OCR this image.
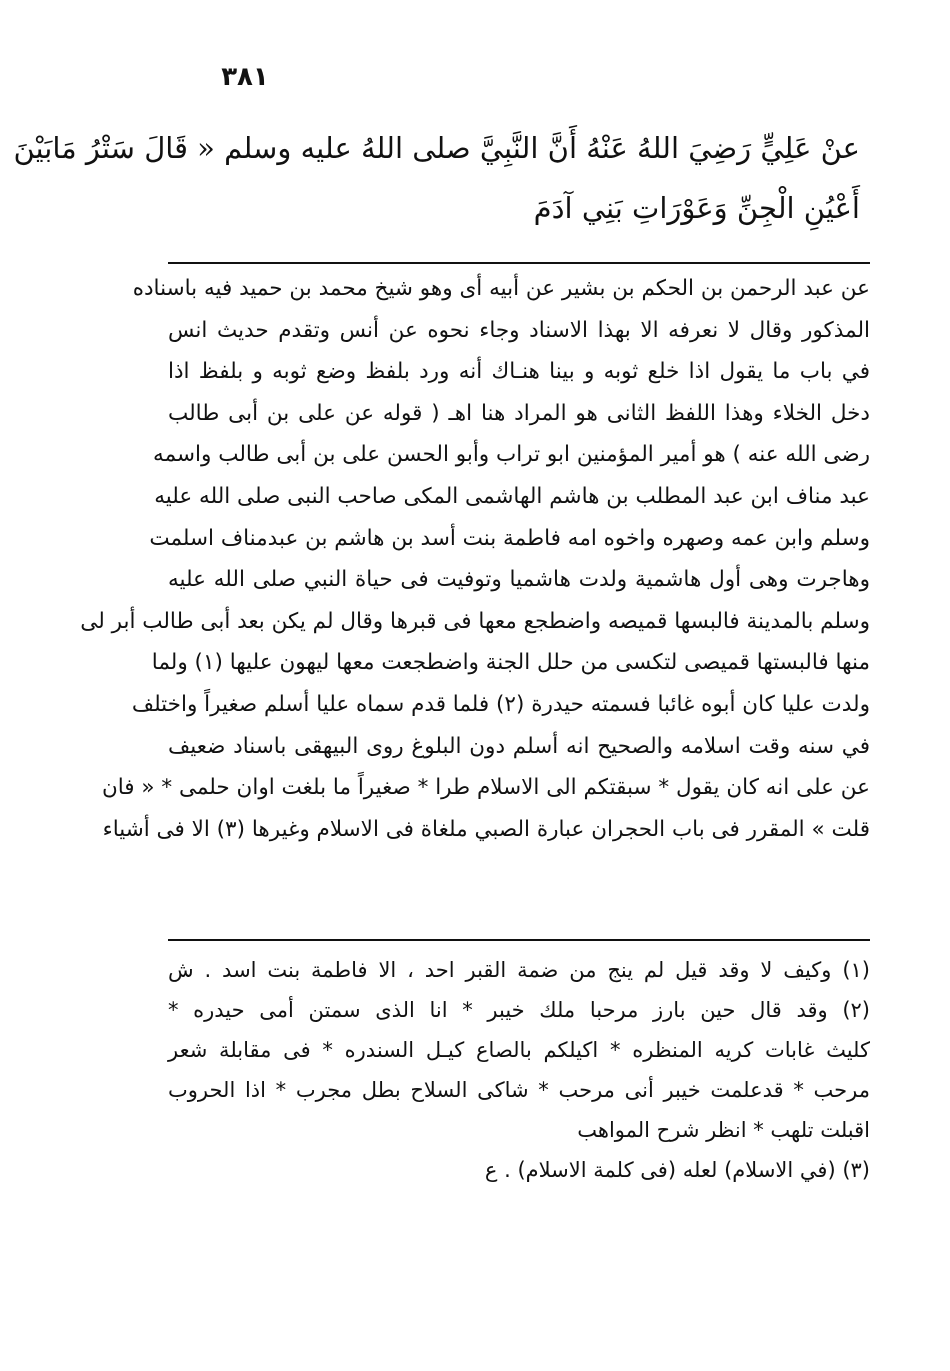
٣٨١
عنْ عَلِيٍّ رَضِيَ اللهُ عَنْهُ أَنَّ النَّبِيَّ صلى اللهُ عليه وسلم « قَالَ سَتْرُ مَابَيْنَ
أَعْيُنِ الْجِنِّ وَعَوْرَاتِ بَنِي آدَمَ
عن عبد الرحمن بن الحكم بن بشير عن أبيه أى وهو شيخ محمد بن حميد فيه باسناده
المذكور وقال لا نعرفه الا بهذا الاسناد وجاء نحوه عن أنس وتقدم حديث انس
في باب ما يقول اذا خلع ثوبه و بينا هنـاك أنه ورد بلفظ وضع ثوبه و بلفظ اذا
دخل الخلاء وهذا اللفظ الثانى هو المراد هنا اهـ ( قوله عن على بن أبى طالب
رضى الله عنه ) هو أمير المؤمنين ابو تراب وأبو الحسن على بن أبى طالب واسمه
عبد مناف ابن عبد المطلب بن هاشم الهاشمى المكى صاحب النبى صلى الله عليه
وسلم وابن عمه وصهره واخوه امه فاطمة بنت أسد بن هاشم بن عبدمناف اسلمت
وهاجرت وهى أول هاشمية ولدت هاشميا وتوفيت فى حياة النبي صلى الله عليه
وسلم بالمدينة فالبسها قميصه واضطجع معها فى قبرها وقال لم يكن بعد أبى طالب أبر لى
منها فالبستها قميصى لتكسى من حلل الجنة واضطجعت معها ليهون عليها (١) ولما
ولدت عليا كان أبوه غائبا فسمته حيدرة (٢) فلما قدم سماه عليا أسلم صغيراً واختلف
في سنه وقت اسلامه والصحيح انه أسلم دون البلوغ روى البيهقى باسناد ضعيف
عن على انه كان يقول * سبقتكم الى الاسلام طرا * صغيراً ما بلغت اوان حلمى * « فان
قلت » المقرر فى باب الحجران عبارة الصبي ملغاة فى الاسلام وغيرها (٣) الا فى أشياء
(١) وكيف لا وقد قيل لم ينج من ضمة القبر احد ، الا فاطمة بنت اسد . ش
(٢) وقد قال حين بارز مرحبا ملك خيبر * انا الذى سمتن أمى حيدره *
كليث غابات كريه المنظره * اكيلكم بالصاع كيـل السندره * فى مقابلة شعر
مرحب * قدعلمت خيبر أنى مرحب * شاكى السلاح بطل مجرب * اذا الحروب
اقبلت تلهب * انظر شرح المواهب
(٣) (في الاسلام) لعله (فى كلمة الاسلام) . ع
